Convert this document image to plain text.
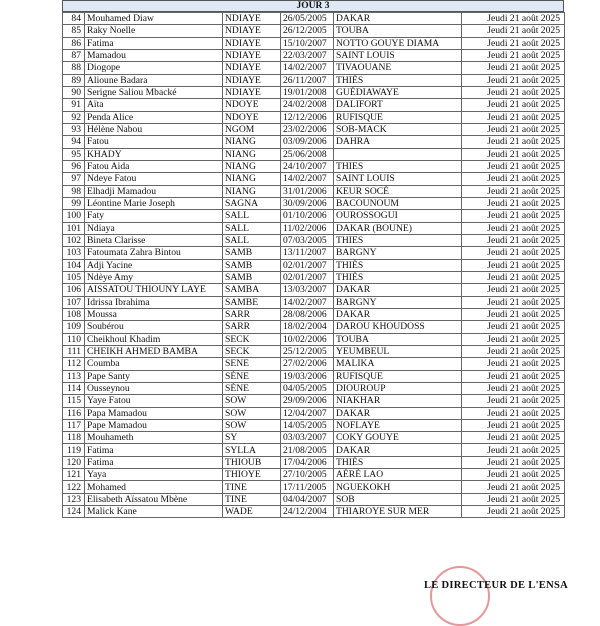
JOUR 3
84	Mouhamed Diaw	NDIAYE	26/05/2005	DAKAR	Jeudi 21 août 2025
85	Raky Noelle	NDIAYE	26/12/2005	TOUBA	Jeudi 21 août 2025
86	Fatima	NDIAYE	15/10/2007	NOTTO GOUYE DIAMA	Jeudi 21 août 2025
87	Mamadou	NDIAYE	22/03/2007	SAINT LOUIS	Jeudi 21 août 2025
88	Diogope	NDIAYE	14/02/2007	TIVAOUANE	Jeudi 21 août 2025
89	Alioune Badara	NDIAYE	26/11/2007	THIÈS	Jeudi 21 août 2025
90	Serigne Saliou Mbacké	NDIAYE	19/01/2008	GUÉDIAWAYE	Jeudi 21 août 2025
91	Aïta	NDOYE	24/02/2008	DALIFORT	Jeudi 21 août 2025
92	Penda Alice	NDOYE	12/12/2006	RUFISQUE	Jeudi 21 août 2025
93	Hélène Nabou	NGOM	23/02/2006	SOB-MACK	Jeudi 21 août 2025
94	Fatou	NIANG	03/09/2006	DAHRA	Jeudi 21 août 2025
95	KHADY	NIANG	25/06/2008		Jeudi 21 août 2025
96	Fatou Aida	NIANG	24/10/2007	THIES	Jeudi 21 août 2025
97	Ndeye Fatou	NIANG	14/02/2007	SAINT LOUIS	Jeudi 21 août 2025
98	Elhadji Mamadou	NIANG	31/01/2006	KEUR SOCÉ	Jeudi 21 août 2025
99	Léontine Marie Joseph	SAGNA	30/09/2006	BACOUNOUM	Jeudi 21 août 2025
100	Faty	SALL	01/10/2006	OUROSSOGUI	Jeudi 21 août 2025
101	Ndiaya	SALL	11/02/2006	DAKAR (BOUNE)	Jeudi 21 août 2025
102	Bineta Clarisse	SALL	07/03/2005	THIES	Jeudi 21 août 2025
103	Fatoumata Zahra Bintou	SAMB	13/11/2007	BARGNY	Jeudi 21 août 2025
104	Adji Yacine	SAMB	02/01/2007	THIÈS	Jeudi 21 août 2025
105	Ndèye Amy	SAMB	02/01/2007	THIÈS	Jeudi 21 août 2025
106	AISSATOU THIOUNY LAYE	SAMBA	13/03/2007	DAKAR	Jeudi 21 août 2025
107	Idrissa Ibrahima	SAMBE	14/02/2007	BARGNY	Jeudi 21 août 2025
108	Moussa	SARR	28/08/2006	DAKAR	Jeudi 21 août 2025
109	Soubérou	SARR	18/02/2004	DAROU KHOUDOSS	Jeudi 21 août 2025
110	Cheikhoul Khadim	SECK	10/02/2006	TOUBA	Jeudi 21 août 2025
111	CHEIKH AHMED BAMBA	SECK	25/12/2005	YEUMBEUL	Jeudi 21 août 2025
112	Coumba	SENE	27/02/2006	MALIKA	Jeudi 21 août 2025
113	Pape Santy	SÈNE	19/03/2006	RUFISQUE	Jeudi 21 août 2025
114	Ousseynou	SÈNE	04/05/2005	DIOUROUP	Jeudi 21 août 2025
115	Yaye Fatou	SOW	29/09/2006	NIAKHAR	Jeudi 21 août 2025
116	Papa Mamadou	SOW	12/04/2007	DAKAR	Jeudi 21 août 2025
117	Pape Mamadou	SOW	14/05/2005	NOFLAYE	Jeudi 21 août 2025
118	Mouhameth	SY	03/03/2007	COKY GOUYE	Jeudi 21 août 2025
119	Fatima	SYLLA	21/08/2005	DAKAR	Jeudi 21 août 2025
120	Fatima	THIOUB	17/04/2006	THIÈS	Jeudi 21 août 2025
121	Yaya	THIOYE	27/10/2005	AÉRÉ LAO	Jeudi 21 août 2025
122	Mohamed	TINE	17/11/2005	NGUEKOKH	Jeudi 21 août 2025
123	Elisabeth Aïssatou Mbène	TINE	04/04/2007	SOB	Jeudi 21 août 2025
124	Malick Kane	WADE	24/12/2004	THIAROYE SUR MER	Jeudi 21 août 2025
LE DIRECTEUR DE L'ENSA
